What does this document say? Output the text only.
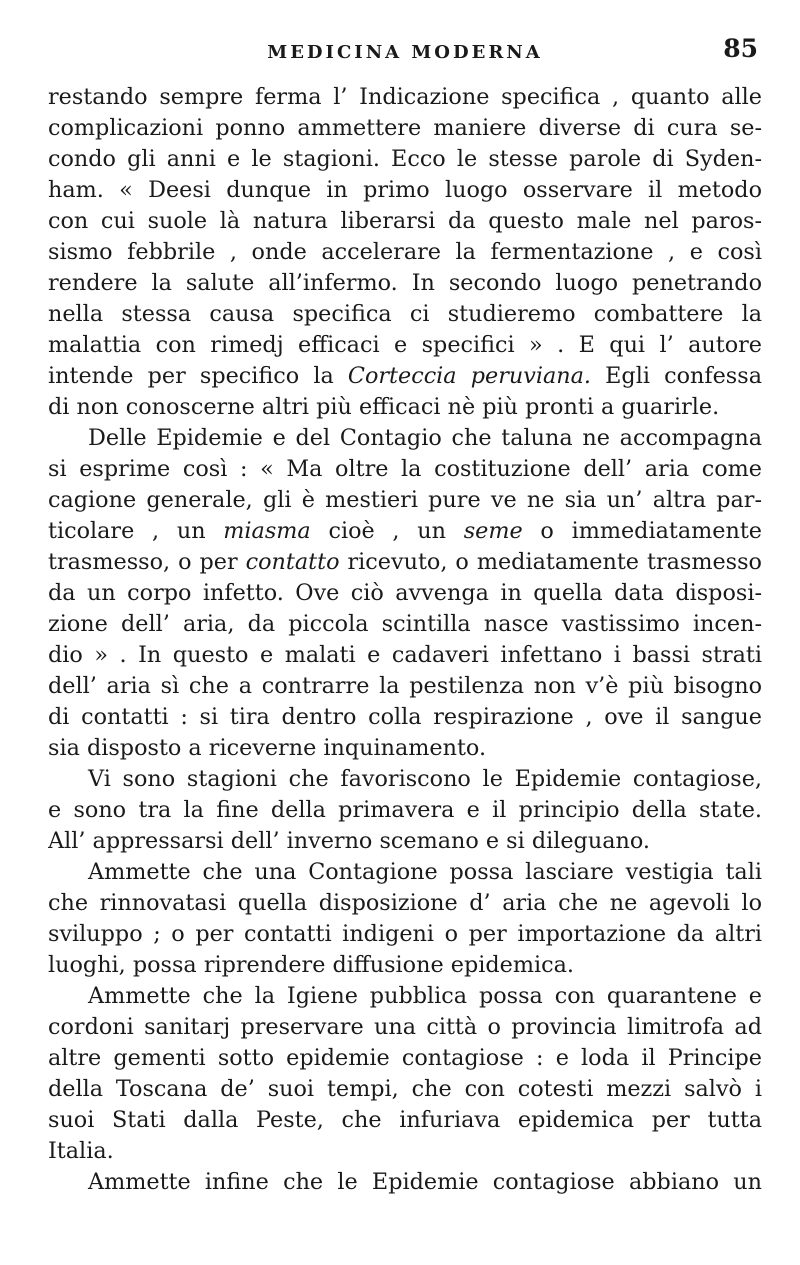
MEDICINA MODERNA	85
restando sempre ferma l’ Indicazione specifica , quanto alle
complicazioni ponno ammettere maniere diverse di cura se-
condo gli anni e le stagioni. Ecco le stesse parole di Syden-
ham. « Deesi dunque in primo luogo osservare il metodo
con cui suole là natura liberarsi da questo male nel paros-
sismo febbrile , onde accelerare la fermentazione , e così
rendere la salute all’infermo. In secondo luogo penetrando
nella stessa causa specifica ci studieremo combattere la
malattia con rimedj efficaci e specifici » . E qui l’ autore
intende per specifico la Corteccia peruviana. Egli confessa
di non conoscerne altri più efficaci nè più pronti a guarirle.
Delle Epidemie e del Contagio che taluna ne accompagna
si esprime così : « Ma oltre la costituzione dell’ aria come
cagione generale, gli è mestieri pure ve ne sia un’ altra par-
ticolare , un miasma cioè , un seme o immediatamente
trasmesso, o per contatto ricevuto, o mediatamente trasmesso
da un corpo infetto. Ove ciò avvenga in quella data disposi-
zione dell’ aria, da piccola scintilla nasce vastissimo incen-
dio » . In questo e malati e cadaveri infettano i bassi strati
dell’ aria sì che a contrarre la pestilenza non v’è più bisogno
di contatti : si tira dentro colla respirazione , ove il sangue
sia disposto a riceverne inquinamento.
Vi sono stagioni che favoriscono le Epidemie contagiose,
e sono tra la fine della primavera e il principio della state.
All’ appressarsi dell’ inverno scemano e si dileguano.
Ammette che una Contagione possa lasciare vestigia tali
che rinnovatasi quella disposizione d’ aria che ne agevoli lo
sviluppo ; o per contatti indigeni o per importazione da altri
luoghi, possa riprendere diffusione epidemica.
Ammette che la Igiene pubblica possa con quarantene e
cordoni sanitarj preservare una città o provincia limitrofa ad
altre gementi sotto epidemie contagiose : e loda il Principe
della Toscana de’ suoi tempi, che con cotesti mezzi salvò i
suoi Stati dalla Peste, che infuriava epidemica per tutta
Italia.
Ammette infine che le Epidemie contagiose abbiano un
